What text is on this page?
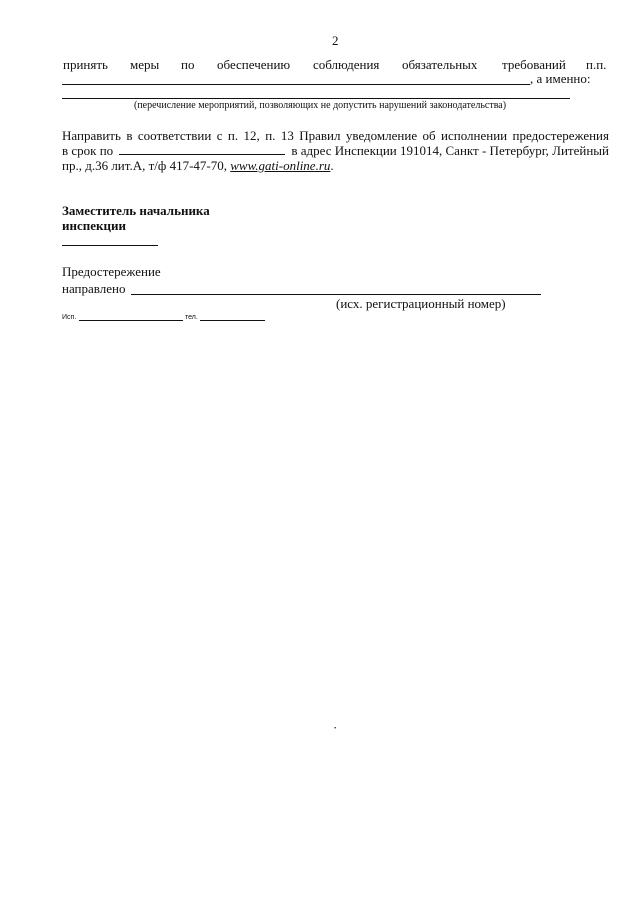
2
принять меры по обеспечению соблюдения обязательных требований п.п.
, а именно:
(перечисление мероприятий, позволяющих не допустить нарушений законодательства)
Направить в соответствии с п. 12, п. 13 Правил уведомление об исполнении предостережения
в срок по	в адрес Инспекции 191014, Санкт - Петербург, Литейный
пр., д.36 лит.А, т/ф 417-47-70, www.gati-online.ru.
Заместитель начальника
инспекции
Предостережение
направлено
(исх. регистрационный номер)
Исп.	тел.
·
